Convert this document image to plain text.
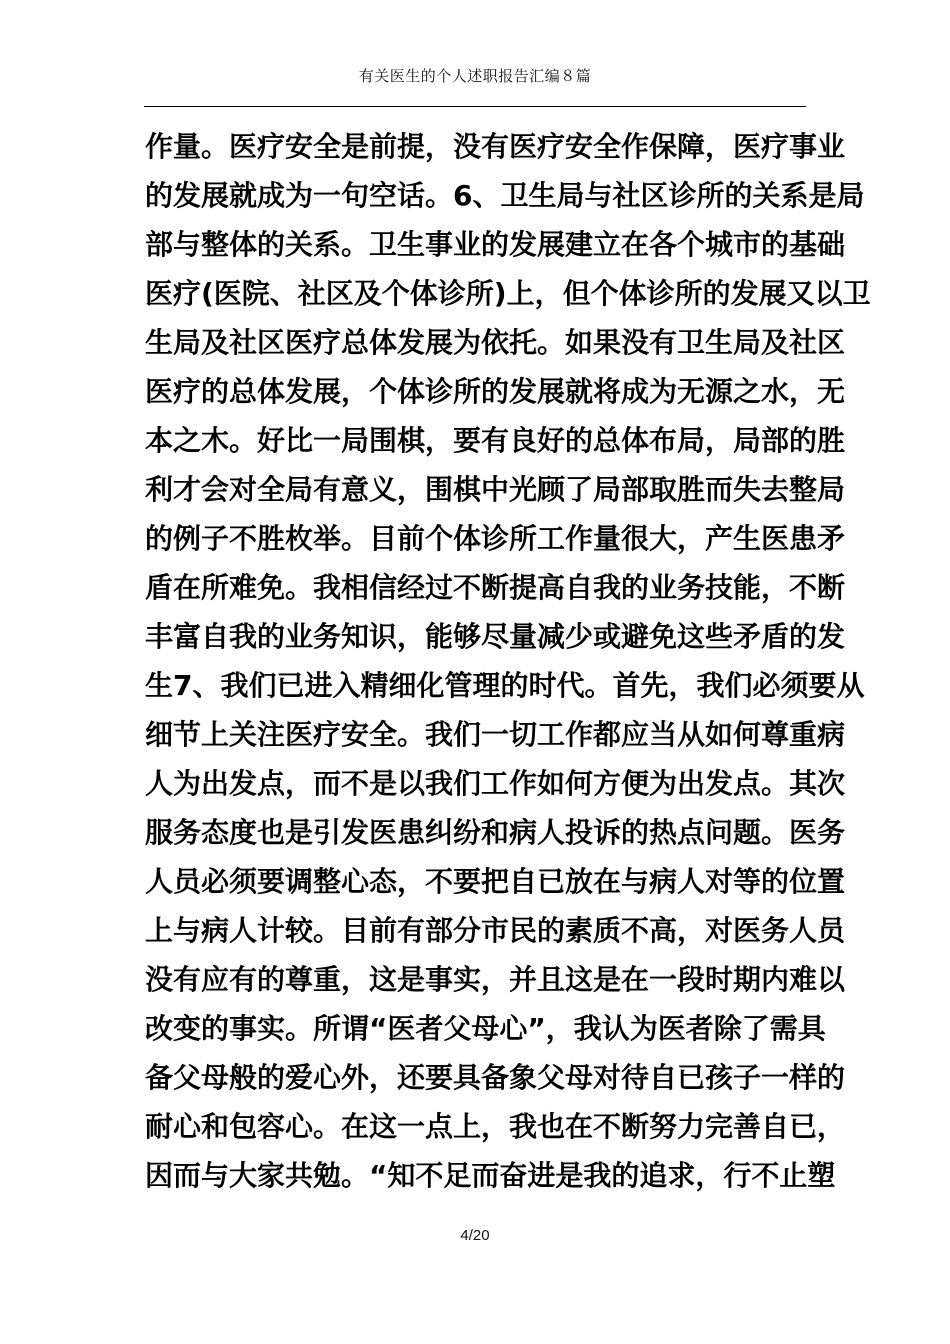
有关医生的个人述职报告汇编８篇
作量。医疗安全是前提，没有医疗安全作保障，医疗事业
的发展就成为一句空话。6、卫生局与社区诊所的关系是局
部与整体的关系。卫生事业的发展建立在各个城市的基础
医疗(医院、社区及个体诊所)上，但个体诊所的发展又以卫
生局及社区医疗总体发展为依托。如果没有卫生局及社区
医疗的总体发展，个体诊所的发展就将成为无源之水，无
本之木。好比一局围棋，要有良好的总体布局，局部的胜
利才会对全局有意义，围棋中光顾了局部取胜而失去整局
的例子不胜枚举。目前个体诊所工作量很大，产生医患矛
盾在所难免。我相信经过不断提高自我的业务技能，不断
丰富自我的业务知识，能够尽量减少或避免这些矛盾的发
生7、我们已进入精细化管理的时代。首先，我们必须要从
细节上关注医疗安全。我们一切工作都应当从如何尊重病
人为出发点，而不是以我们工作如何方便为出发点。其次
服务态度也是引发医患纠纷和病人投诉的热点问题。医务
人员必须要调整心态，不要把自已放在与病人对等的位置
上与病人计较。目前有部分市民的素质不高，对医务人员
没有应有的尊重，这是事实，并且这是在一段时期内难以
改变的事实。所谓“医者父母心”，我认为医者除了需具
备父母般的爱心外，还要具备象父母对待自已孩子一样的
耐心和包容心。在这一点上，我也在不断努力完善自已，
因而与大家共勉。“知不足而奋进是我的追求，行不止塑
4/20
